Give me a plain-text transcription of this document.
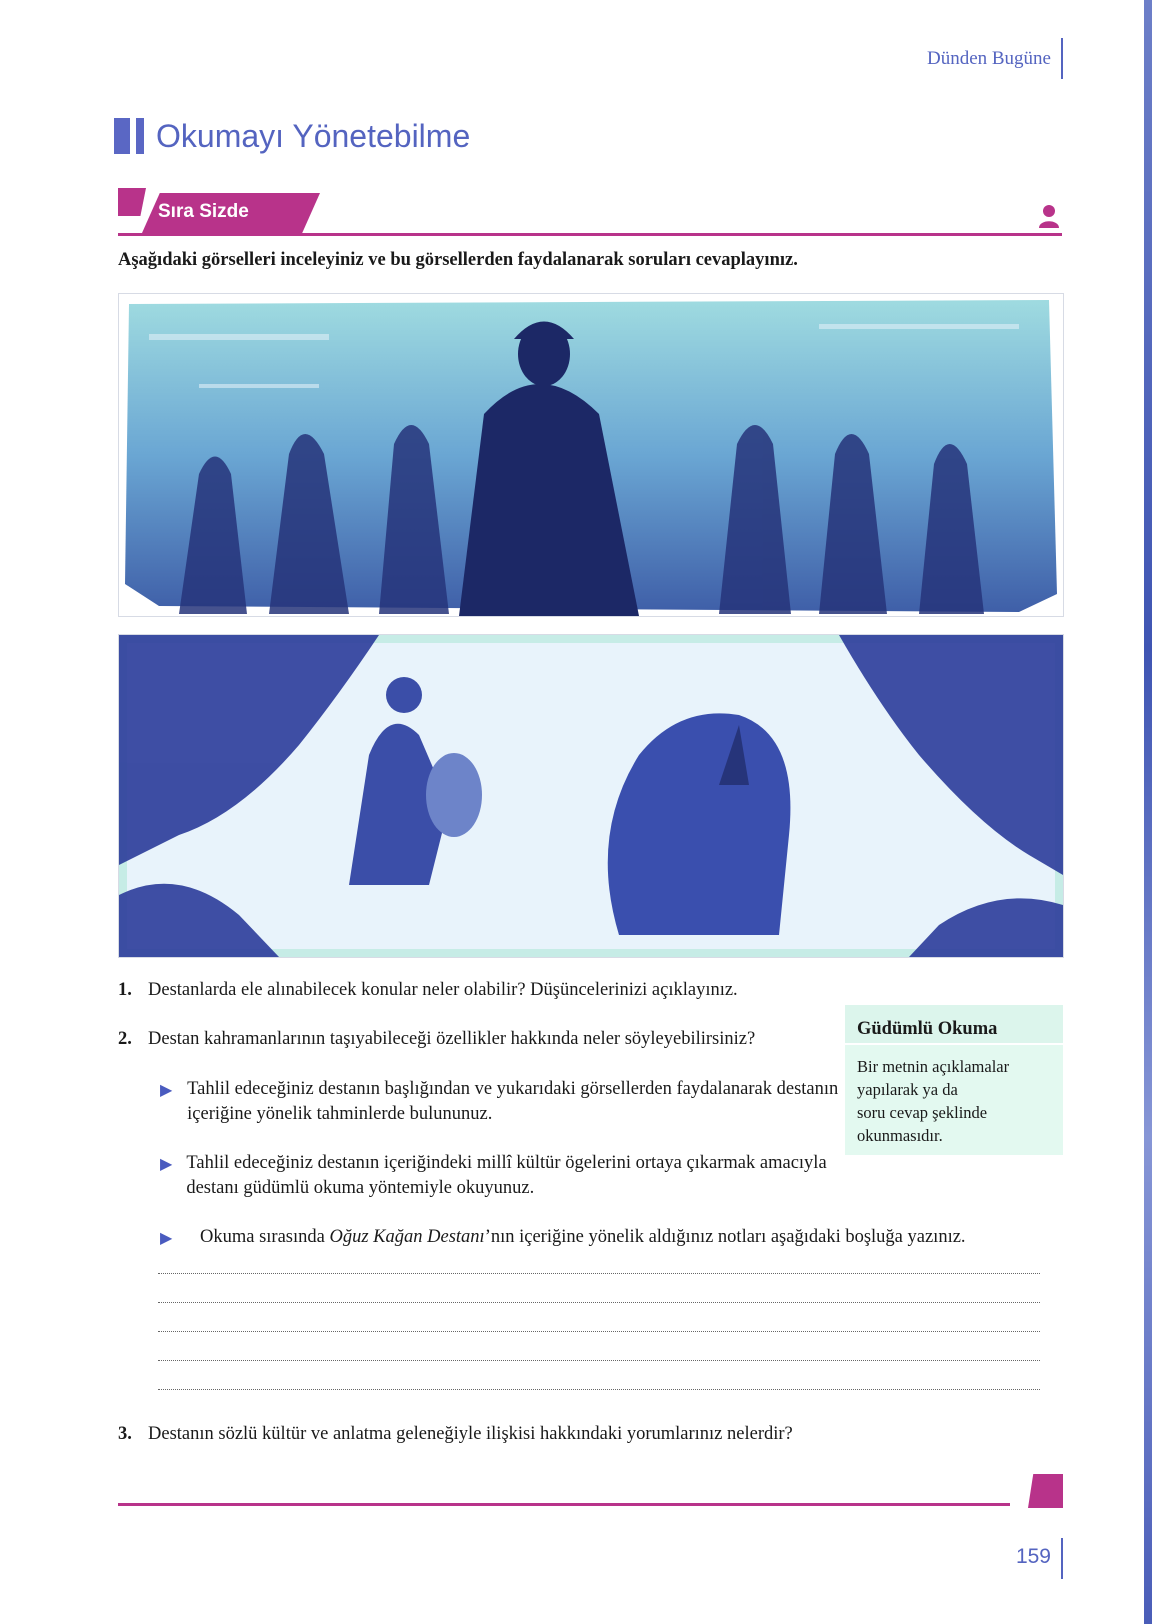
Dünden Bugüne
Okumayı Yönetebilme
Sıra Sizde
Aşağıdaki görselleri inceleyiniz ve bu görsellerden faydalanarak soruları cevaplayınız.
1. Destanlarda ele alınabilecek konular neler olabilir? Düşüncelerinizi açıklayınız.
2. Destan kahramanlarının taşıyabileceği özellikler hakkında neler söyleyebilirsiniz?
▶ Tahlil edeceğiniz destanın başlığından ve yukarıdaki görsellerden faydalanarak destanın içeriğine yönelik tahminlerde bulununuz.
▶ Tahlil edeceğiniz destanın içeriğindeki millî kültür ögelerini ortaya çıkarmak amacıyla destanı güdümlü okuma yöntemiyle okuyunuz.
▶	Okuma sırasında Oğuz Kağan Destanı’nın içeriğine yönelik aldığınız notları aşağıdaki boşluğa yazınız.
3. Destanın sözlü kültür ve anlatma geleneğiyle ilişkisi hakkındaki yorumlarınız nelerdir?
Güdümlü Okuma
Bir metnin açıklamalar
yapılarak ya da
soru cevap şeklinde
okunmasıdır.
159
